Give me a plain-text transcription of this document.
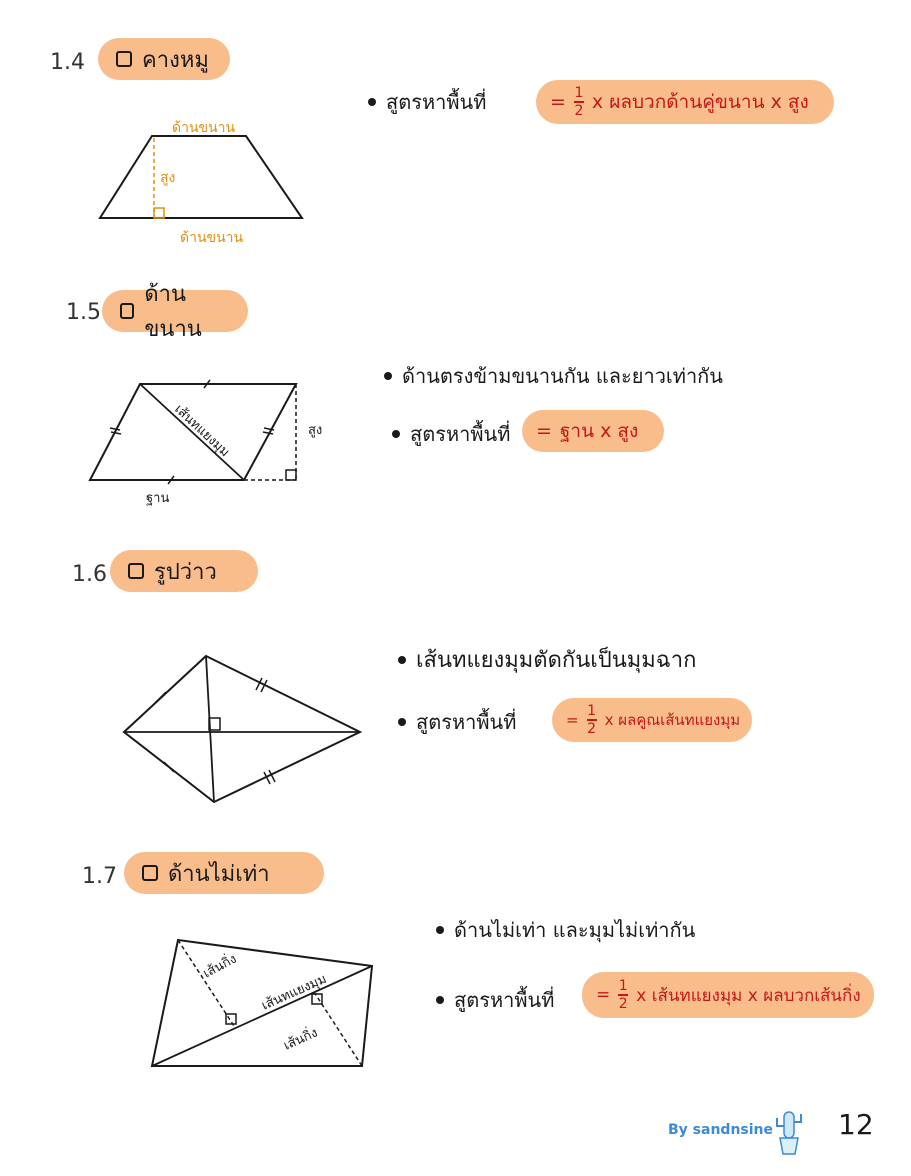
1.4	คางหมู
ด้านขนาน
สูง
ด้านขนาน
สูตรหาพื้นที่	= $\frac{1}{2}$ x ผลบวกด้านคู่ขนาน x สูง
1.5
ด้านขนาน
เส้นทแยงมุม	สูง
ฐาน
ด้านตรงข้ามขนานกัน และยาวเท่ากัน
สูตรหาพื้นที่ = ฐาน x สูง
1.6 รูปว่าว
เส้นทแยงมุมตัดกันเป็นมุมฉาก
สูตรหาพื้นที่	= $\frac{1}{2}$ x ผลคูณเส้นทแยงมุม
1.7 ด้านไม่เท่า
เส้นกิ่ง
เส้นทแยงมุม
เส้นกิ่ง
ด้านไม่เท่า และมุมไม่เท่ากัน
สูตรหาพื้นที่ = $\frac{1}{2}$ x เส้นทแยงมุม x ผลบวกเส้นกิ่ง
By sandnsine 12
